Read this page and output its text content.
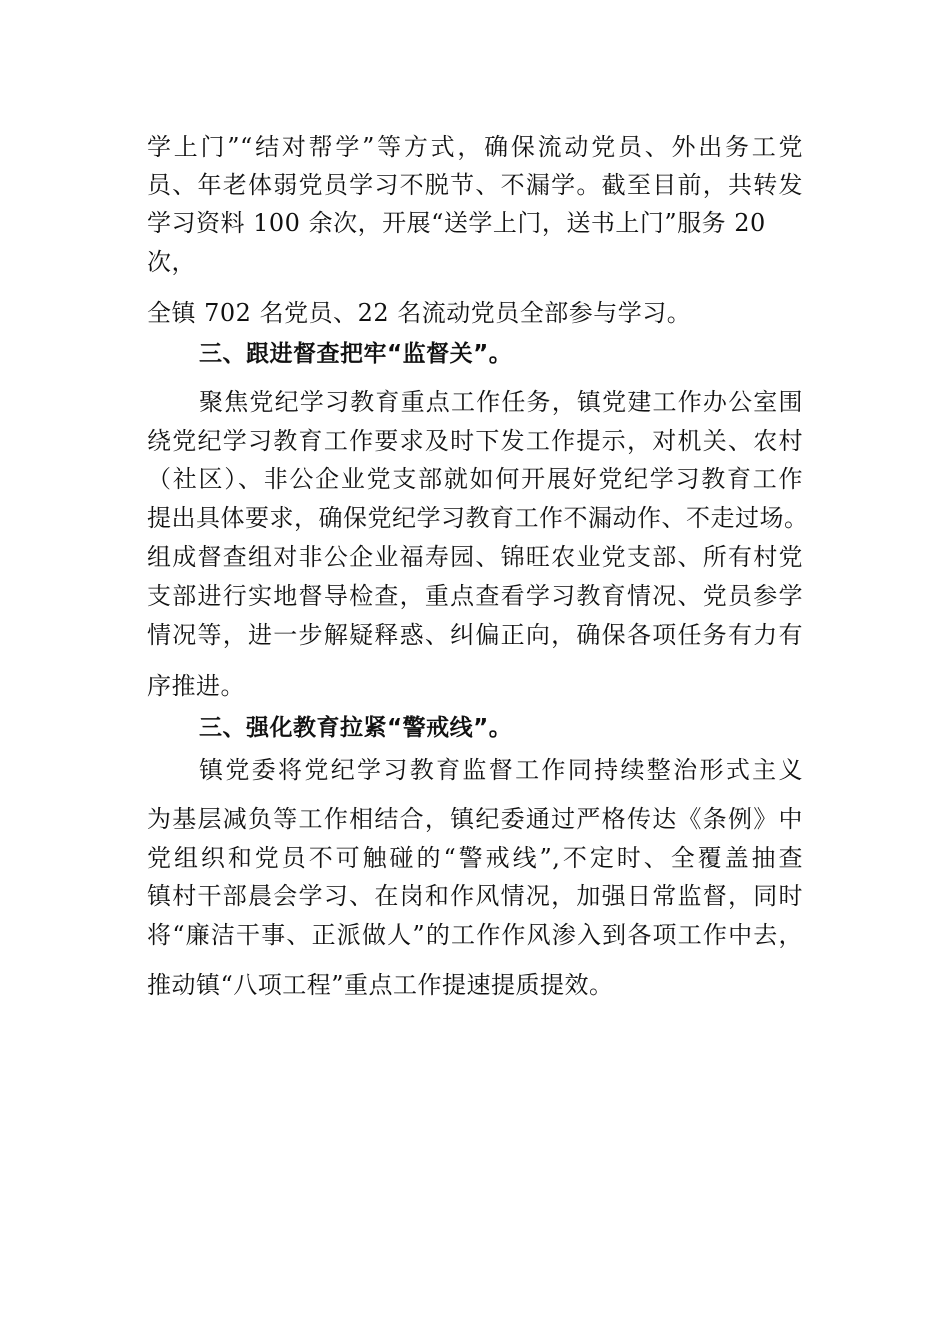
学上门”“结对帮学”等方式，确保流动党员、外出务工党
员、年老体弱党员学习不脱节、不漏学。截至目前，共转发
学习资料 100 余次，开展“送学上门，送书上门”服务 20
次，
全镇 702 名党员、22 名流动党员全部参与学习。
三、跟进督查把牢“监督关”。
聚焦党纪学习教育重点工作任务，镇党建工作办公室围
绕党纪学习教育工作要求及时下发工作提示，对机关、农村
（社区）、非公企业党支部就如何开展好党纪学习教育工作
提出具体要求，确保党纪学习教育工作不漏动作、不走过场。
组成督查组对非公企业福寿园、锦旺农业党支部、所有村党
支部进行实地督导检查，重点查看学习教育情况、党员参学
情况等，进一步解疑释惑、纠偏正向，确保各项任务有力有
序推进。
三、强化教育拉紧“警戒线”。
镇党委将党纪学习教育监督工作同持续整治形式主义
为基层减负等工作相结合，镇纪委通过严格传达《条例》中
党组织和党员不可触碰的“警戒线”,不定时、全覆盖抽查
镇村干部晨会学习、在岗和作风情况，加强日常监督，同时
将“廉洁干事、正派做人”的工作作风渗入到各项工作中去，
推动镇“八项工程”重点工作提速提质提效。
